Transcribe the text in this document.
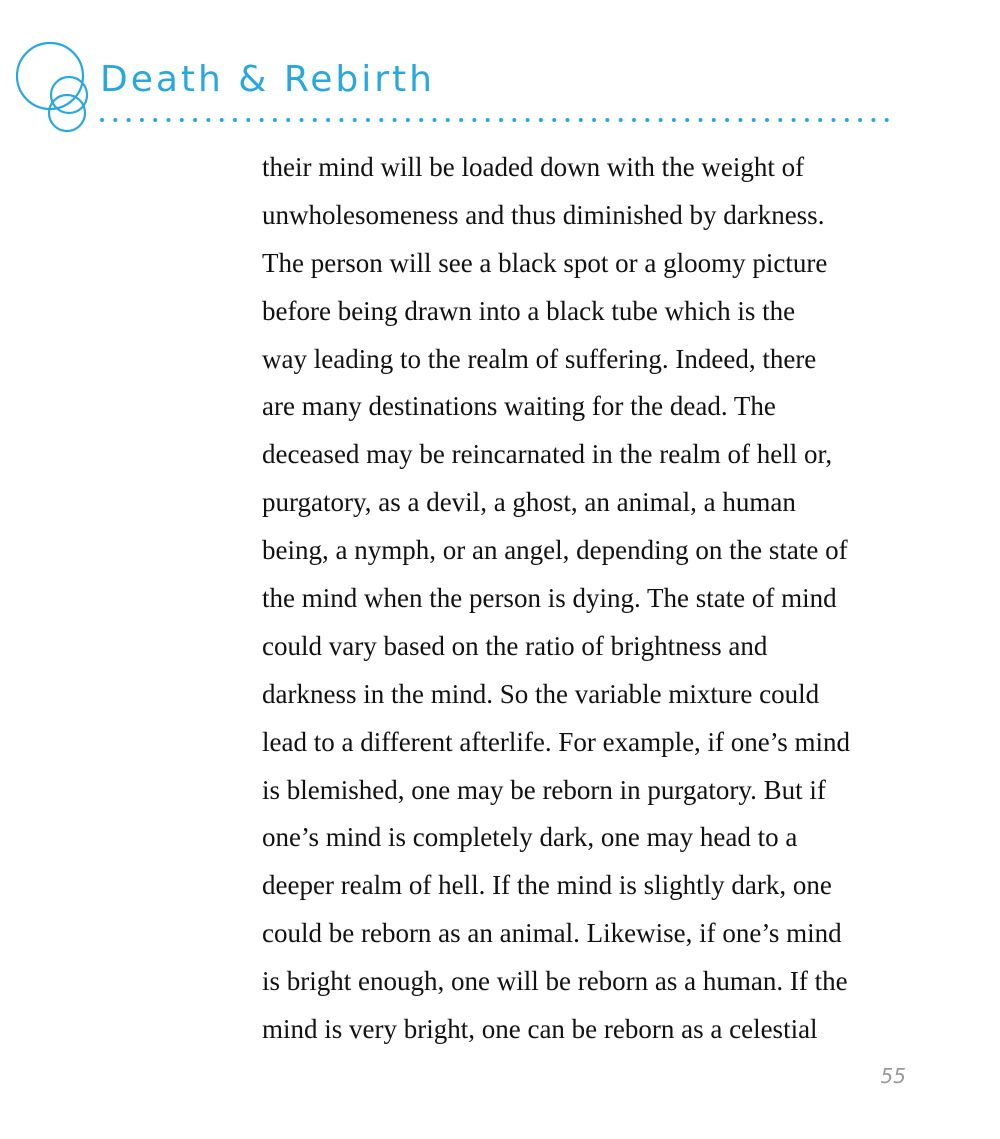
Death & Rebirth
their mind will be loaded down with the weight of
unwholesomeness and thus diminished by darkness.
The person will see a black spot or a gloomy picture
before being drawn into a black tube which is the
way leading to the realm of suffering. Indeed, there
are many destinations waiting for the dead. The
deceased may be reincarnated in the realm of hell or,
purgatory, as a devil, a ghost, an animal, a human
being, a nymph, or an angel, depending on the state of
the mind when the person is dying. The state of mind
could vary based on the ratio of brightness and
darkness in the mind. So the variable mixture could
lead to a different afterlife. For example, if one’s mind
is blemished, one may be reborn in purgatory. But if
one’s mind is completely dark, one may head to a
deeper realm of hell. If the mind is slightly dark, one
could be reborn as an animal. Likewise, if one’s mind
is bright enough, one will be reborn as a human. If the
mind is very bright, one can be reborn as a celestial
55
